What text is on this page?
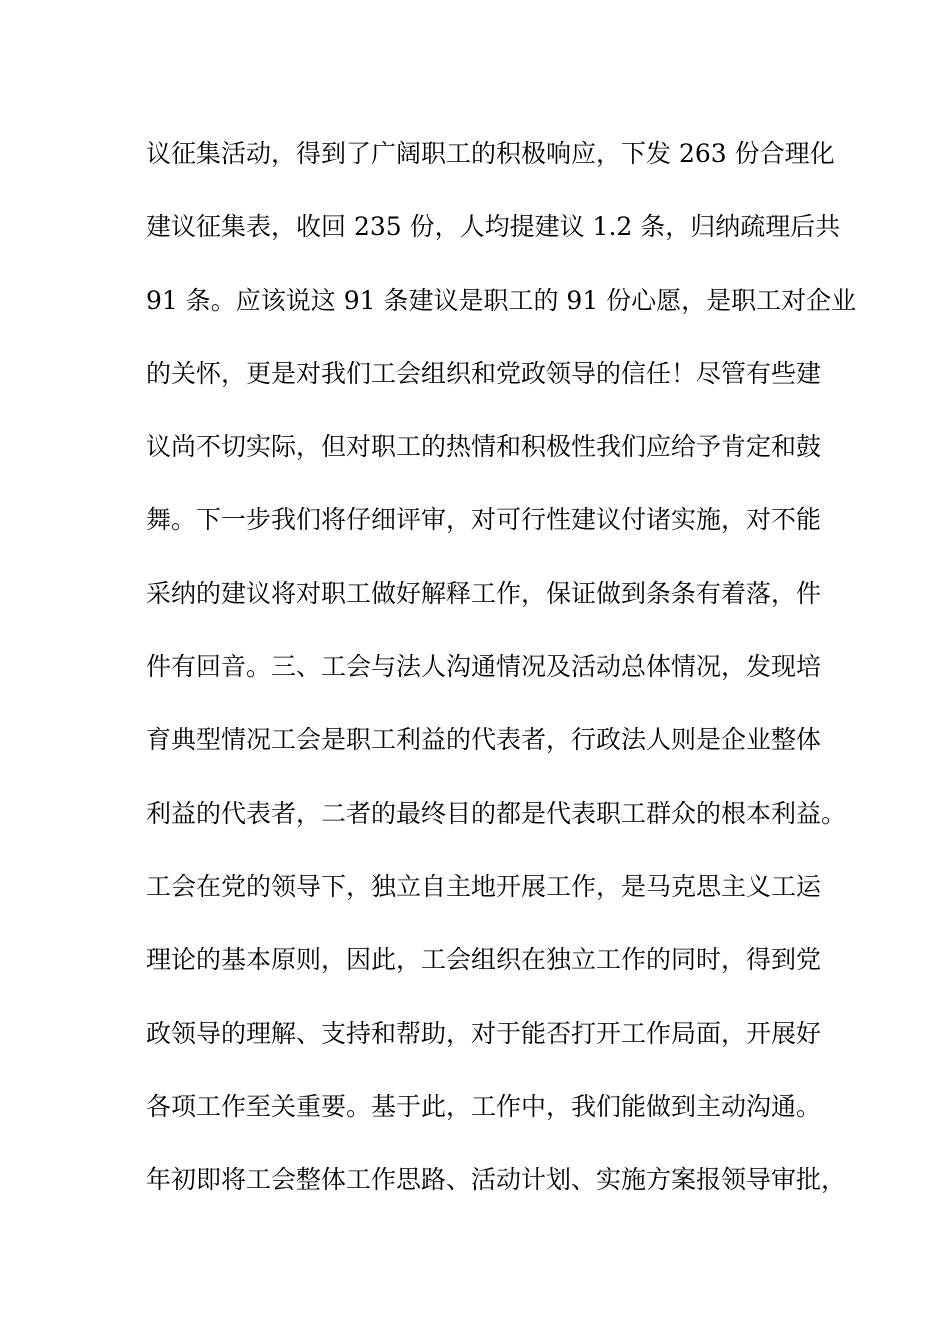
议征集活动，得到了广阔职工的积极响应，下发 263 份合理化
建议征集表，收回 235 份，人均提建议 1.2 条，归纳疏理后共
91 条。应该说这 91 条建议是职工的 91 份心愿，是职工对企业
的关怀，更是对我们工会组织和党政领导的信任！尽管有些建
议尚不切实际，但对职工的热情和积极性我们应给予肯定和鼓
舞。下一步我们将仔细评审，对可行性建议付诸实施，对不能
采纳的建议将对职工做好解释工作，保证做到条条有着落，件
件有回音。三、工会与法人沟通情况及活动总体情况，发现培
育典型情况工会是职工利益的代表者，行政法人则是企业整体
利益的代表者，二者的最终目的都是代表职工群众的根本利益。
工会在党的领导下，独立自主地开展工作，是马克思主义工运
理论的基本原则，因此，工会组织在独立工作的同时，得到党
政领导的理解、支持和帮助，对于能否打开工作局面，开展好
各项工作至关重要。基于此，工作中，我们能做到主动沟通。
年初即将工会整体工作思路、活动计划、实施方案报领导审批，
